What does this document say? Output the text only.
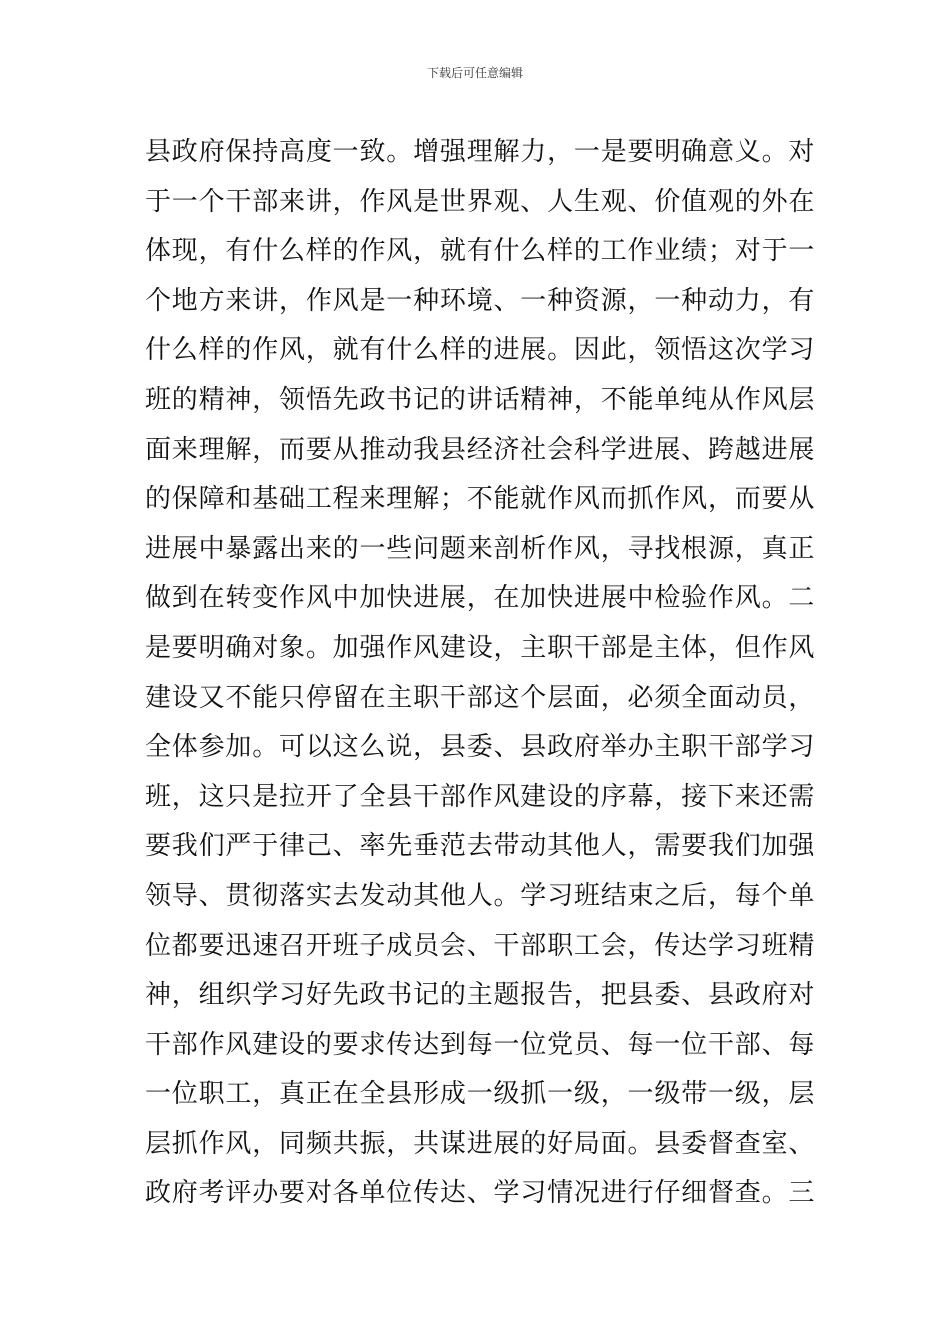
下载后可任意编辑
县政府保持高度一致。增强理解力，一是要明确意义。对
于一个干部来讲，作风是世界观、人生观、价值观的外在
体现，有什么样的作风，就有什么样的工作业绩；对于一
个地方来讲，作风是一种环境、一种资源，一种动力，有
什么样的作风，就有什么样的进展。因此，领悟这次学习
班的精神，领悟先政书记的讲话精神，不能单纯从作风层
面来理解，而要从推动我县经济社会科学进展、跨越进展
的保障和基础工程来理解；不能就作风而抓作风，而要从
进展中暴露出来的一些问题来剖析作风，寻找根源，真正
做到在转变作风中加快进展，在加快进展中检验作风。二
是要明确对象。加强作风建设，主职干部是主体，但作风
建设又不能只停留在主职干部这个层面，必须全面动员，
全体参加。可以这么说，县委、县政府举办主职干部学习
班，这只是拉开了全县干部作风建设的序幕，接下来还需
要我们严于律己、率先垂范去带动其他人，需要我们加强
领导、贯彻落实去发动其他人。学习班结束之后，每个单
位都要迅速召开班子成员会、干部职工会，传达学习班精
神，组织学习好先政书记的主题报告，把县委、县政府对
干部作风建设的要求传达到每一位党员、每一位干部、每
一位职工，真正在全县形成一级抓一级，一级带一级，层
层抓作风，同频共振，共谋进展的好局面。县委督查室、
政府考评办要对各单位传达、学习情况进行仔细督查。三
